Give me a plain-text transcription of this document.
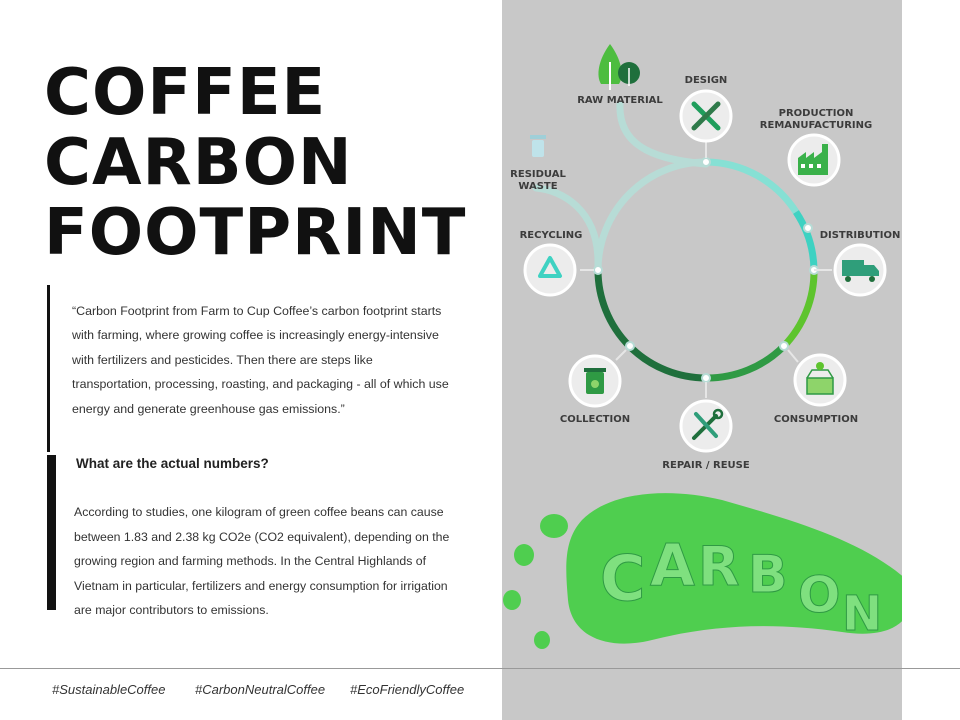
COFFEE
CARBON
FOOTPRINT

“Carbon Footprint from Farm to Cup Coffee’s carbon footprint starts with farming, where growing coffee is increasingly energy-intensive with fertilizers and pesticides. Then there are steps like transportation, processing, roasting, and packaging - all of which use energy and generate greenhouse gas emissions.”

What are the actual numbers?

According to studies, one kilogram of green coffee beans can cause between 1.83 and 2.38 kg CO2e (CO2 equivalent), depending on the growing region and farming methods. In the Central Highlands of Vietnam in particular, fertilizers and energy consumption for irrigation are major contributors to emissions.	C A R B O N
RAW MATERIAL
DESIGN
PRODUCTION
REMANUFACTURING
DISTRIBUTION
CONSUMPTION
REPAIR / REUSE
COLLECTION
RECYCLING
RESIDUAL
WASTE
#SustainableCoffee #CarbonNeutralCoffee #EcoFriendlyCoffee
